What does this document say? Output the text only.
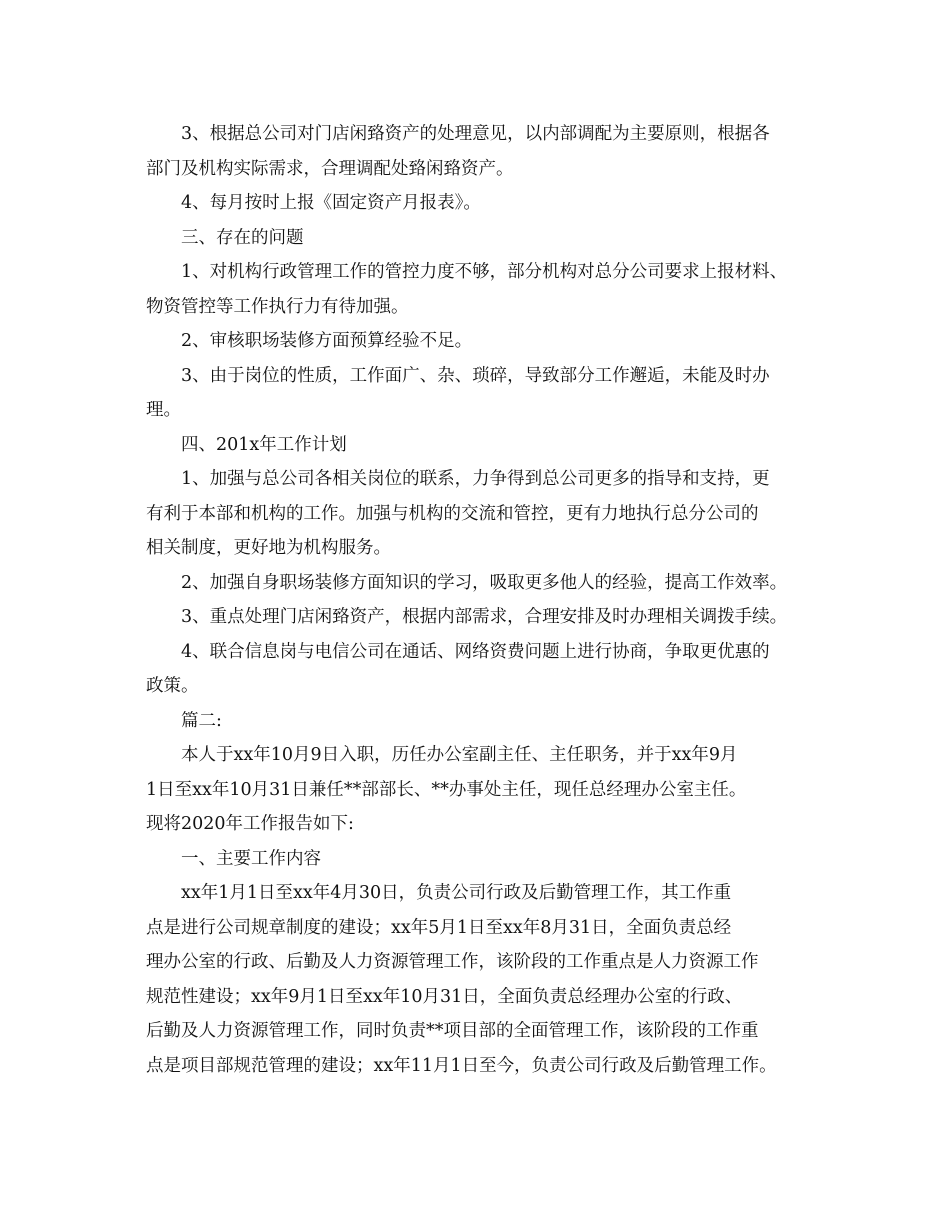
3、根据总公司对门店闲臵资产的处理意见，以内部调配为主要原则，根据各
部门及机构实际需求，合理调配处臵闲臵资产。
4、每月按时上报《固定资产月报表》。
三、存在的问题
1、对机构行政管理工作的管控力度不够，部分机构对总分公司要求上报材料、
物资管控等工作执行力有待加强。
2、审核职场装修方面预算经验不足。
3、由于岗位的性质，工作面广、杂、琐碎，导致部分工作邂逅，未能及时办
理。
四、201x年工作计划
1、加强与总公司各相关岗位的联系，力争得到总公司更多的指导和支持，更
有利于本部和机构的工作。加强与机构的交流和管控，更有力地执行总分公司的
相关制度，更好地为机构服务。
2、加强自身职场装修方面知识的学习，吸取更多他人的经验，提高工作效率。
3、重点处理门店闲臵资产，根据内部需求，合理安排及时办理相关调拨手续。
4、联合信息岗与电信公司在通话、网络资费问题上进行协商，争取更优惠的
政策。
篇二:
本人于xx年10月9日入职，历任办公室副主任、主任职务，并于xx年9月
1日至xx年10月31日兼任**部部长、**办事处主任，现任总经理办公室主任。
现将2020年工作报告如下:
一、主要工作内容
xx年1月1日至xx年4月30日，负责公司行政及后勤管理工作，其工作重
点是进行公司规章制度的建设；xx年5月1日至xx年8月31日，全面负责总经
理办公室的行政、后勤及人力资源管理工作，该阶段的工作重点是人力资源工作
规范性建设；xx年9月1日至xx年10月31日，全面负责总经理办公室的行政、
后勤及人力资源管理工作，同时负责**项目部的全面管理工作，该阶段的工作重
点是项目部规范管理的建设；xx年11月1日至今，负责公司行政及后勤管理工作。
